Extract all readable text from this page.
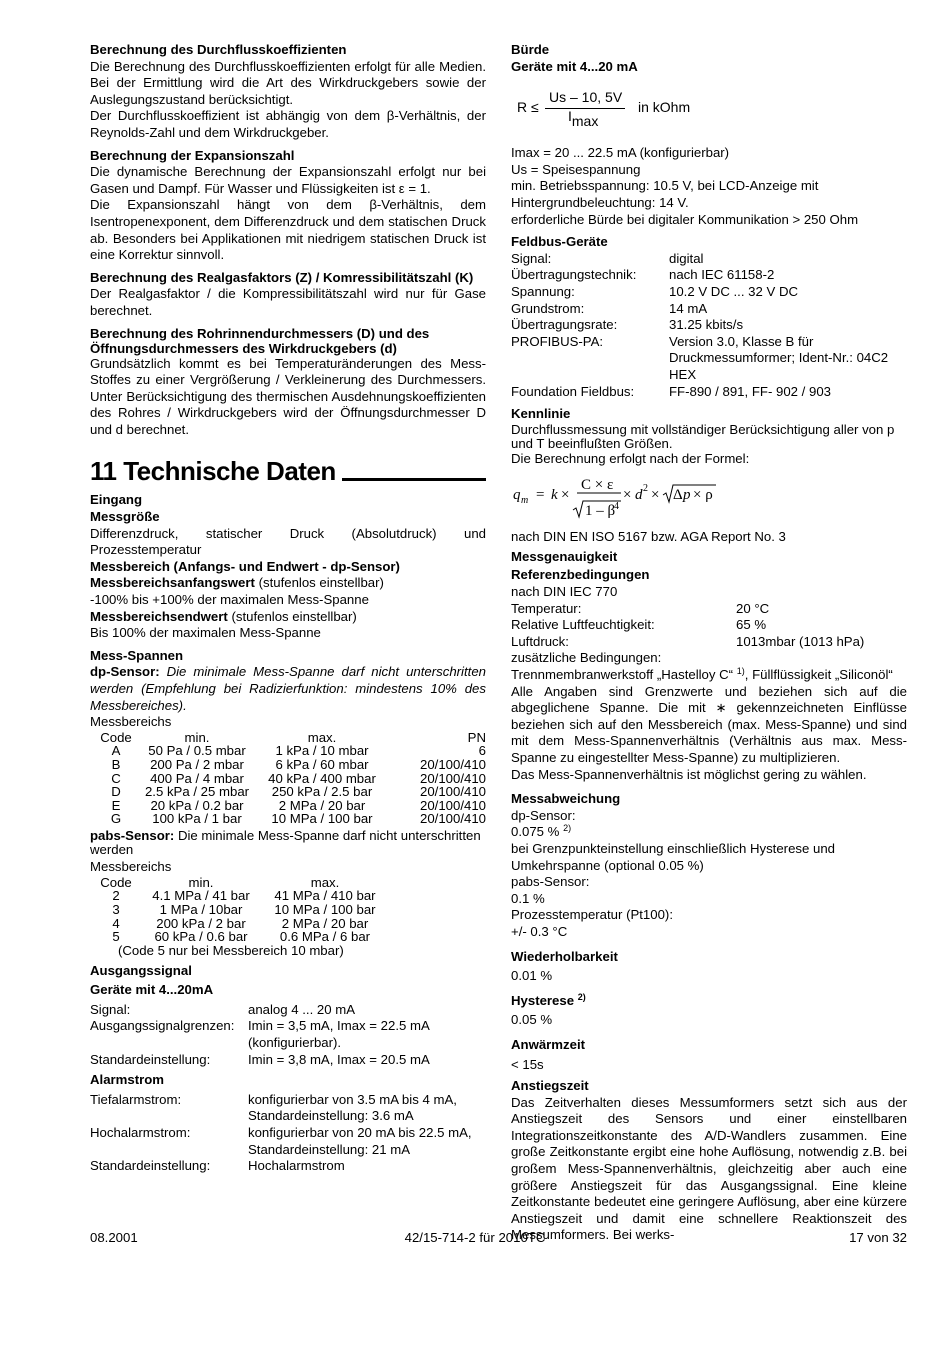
Berechnung des Durchflusskoeffizienten

Die Berechnung des Durchflusskoeffizienten erfolgt für alle Medien. Bei der Ermittlung wird die Art des Wirkdruckgebers sowie der Auslegungszustand berücksichtigt.

Der Durchflusskoeffizient ist abhängig von dem β-Verhältnis, der Reynolds-Zahl und dem Wirkdruckgeber.

Berechnung der Expansionszahl

Die dynamische Berechnung der Expansionszahl erfolgt nur bei Gasen und Dampf. Für Wasser und Flüssigkeiten ist ε = 1.

Die Expansionszahl hängt von dem β-Verhältnis, dem Isentropenexponent, dem Differenzdruck und dem statischen Druck ab. Besonders bei Applikationen mit niedrigem statischen Druck ist eine Korrektur sinnvoll.

Berechnung des Realgasfaktors (Z) / Komressibilitätszahl (K)

Der Realgasfaktor / die Kompressibilitätszahl wird nur für Gase berechnet.

Berechnung des Rohrinnendurchmessers (D) und des Öffnungsdurchmessers des Wirkdruckgebers (d)

Grundsätzlich kommt es bei Temperaturänderungen des Mess-Stoffes zu einer Vergrößerung / Verkleinerung des Durchmessers. Unter Berücksichtigung des thermischen Ausdehnungskoeffizienten des Rohres / Wirkdruckgebers wird der Öffnungsdurchmesser D und d berechnet.

11 Technische Daten

Eingang

Messgröße

Differenzdruck, statischer Druck (Absolutdruck) und Prozesstemperatur

Messbereich (Anfangs- und Endwert - dp-Sensor)

Messbereichsanfangswert (stufenlos einstellbar)

-100% bis +100% der maximalen Mess-Spanne

Messbereichsendwert (stufenlos einstellbar)

Bis 100% der maximalen Mess-Spanne

Mess-Spannen

dp-Sensor: Die minimale Mess-Spanne darf nicht unterschritten werden (Empfehlung bei Radizierfunktion: mindestens 10% des Messbereiches).

Messbereichs

Code	min.	max.	PN
A	50 Pa / 0.5 mbar	1 kPa / 10 mbar	6
B	200 Pa / 2 mbar	6 kPa / 60 mbar	20/100/410
C	400 Pa / 4 mbar	40 kPa / 400 mbar	20/100/410
D	2.5 kPa / 25 mbar	250 kPa / 2.5 bar	20/100/410
E	20 kPa / 0.2 bar	2 MPa / 20 bar	20/100/410
G	100 kPa / 1 bar	10 MPa / 100 bar	20/100/410

pabs-Sensor: Die minimale Mess-Spanne darf nicht unterschritten werden

Messbereichs

Code	min.	max.
2	4.1 MPa / 41 bar	41 MPa / 410 bar
3	1 MPa / 10bar	10 MPa / 100 bar
4	200 kPa / 2 bar	2 MPa / 20 bar
5	60 kPa / 0.6 bar	0.6 MPa / 6 bar

(Code 5 nur bei Messbereich 10 mbar)

Ausgangssignal

Geräte mit 4...20mA

Signal:	analog 4 ... 20 mA
Ausgangssignalgrenzen:	Imin = 3,5 mA, Imax = 22.5 mA (konfigurierbar).
Standardeinstellung:	Imin = 3,8 mA, Imax = 20.5 mA

Alarmstrom

Tiefalarmstrom:	konfigurierbar von 3.5 mA bis 4 mA, Standardeinstellung: 3.6 mA
Hochalarmstrom:	konfigurierbar von 20 mA bis 22.5 mA, Standardeinstellung: 21 mA
Standardeinstellung:	Hochalarmstrom

Bürde

Geräte mit 4...20 mA

R ≤
Us – 10, 5V
Imax
in kOhm

Imax = 20 ... 22.5 mA (konfigurierbar)

Us = Speisespannung

min. Betriebsspannung: 10.5 V, bei LCD-Anzeige mit Hintergrundbeleuchtung: 14 V.

erforderliche Bürde bei digitaler Kommunikation > 250 Ohm

Feldbus-Geräte

Signal:	digital
Übertragungstechnik:	nach IEC 61158-2
Spannung:	10.2 V DC ... 32 V DC
Grundstrom:	14 mA
Übertragungsrate:	31.25 kbits/s
PROFIBUS-PA:	Version 3.0, Klasse B für Druckmessumformer; Ident-Nr.: 04C2 HEX
Foundation Fieldbus:	FF-890 / 891, FF- 902 / 903

Kennlinie

Durchflussmessung mit vollständiger Berücksichtigung aller von p und T beeinflußten Größen.

Die Berechnung erfolgt nach der Formel:

q m = k ×
C × ε
1 – β
4
× d 2 × Δ p × ρ

nach DIN EN ISO 5167 bzw. AGA Report No. 3

Messgenauigkeit

Referenzbedingungen

nach DIN IEC 770

Temperatur:	20 °C
Relative Luftfeuchtigkeit:	65 %
Luftdruck:	1013mbar (1013 hPa)

zusätzliche Bedingungen:

Trennmembranwerkstoff „Hastelloy C“ $^{1)}$, Füllflüssigkeit „Siliconöl“

Alle Angaben sind Grenzwerte und beziehen sich auf die abgeglichene Spanne. Die mit ∗ gekennzeichneten Einflüsse beziehen sich auf den Messbereich (max. Mess-Spanne) und sind mit dem Mess-Spannenverhältnis (Verhältnis aus max. Mess-Spanne zu eingestellter Mess-Spanne) zu multiplizieren.

Das Mess-Spannenverhältnis ist möglichst gering zu wählen.

Messabweichung

dp-Sensor:

0.075 % $^{2)}$

bei Grenzpunkteinstellung einschließlich Hysterese und Umkehrspanne (optional 0.05 %)

pabs-Sensor:

0.1 %

Prozesstemperatur (Pt100):

+/- 0.3 °C

Wiederholbarkeit

0.01 %

Hysterese $^{2)}$

0.05 %

Anwärmzeit

< 15s

Anstiegszeit

Das Zeitverhalten dieses Messumformers setzt sich aus der Anstiegszeit des Sensors und einer einstellbaren Integrationszeitkonstante des A/D-Wandlers zusammen. Eine große Zeitkonstante ergibt eine hohe Auflösung, notwendig z.B. bei großem Mess-Spannenverhältnis, gleichzeitig aber auch eine größere Anstiegszeit für das Ausgangssignal. Eine kleine Zeitkonstante bedeutet eine geringere Auflösung, aber eine kürzere Anstiegszeit und damit eine schnellere Reaktionszeit des Messumformers. Bei werks-

08.2001	42/15-714-2 für 2010TC	17 von 32
